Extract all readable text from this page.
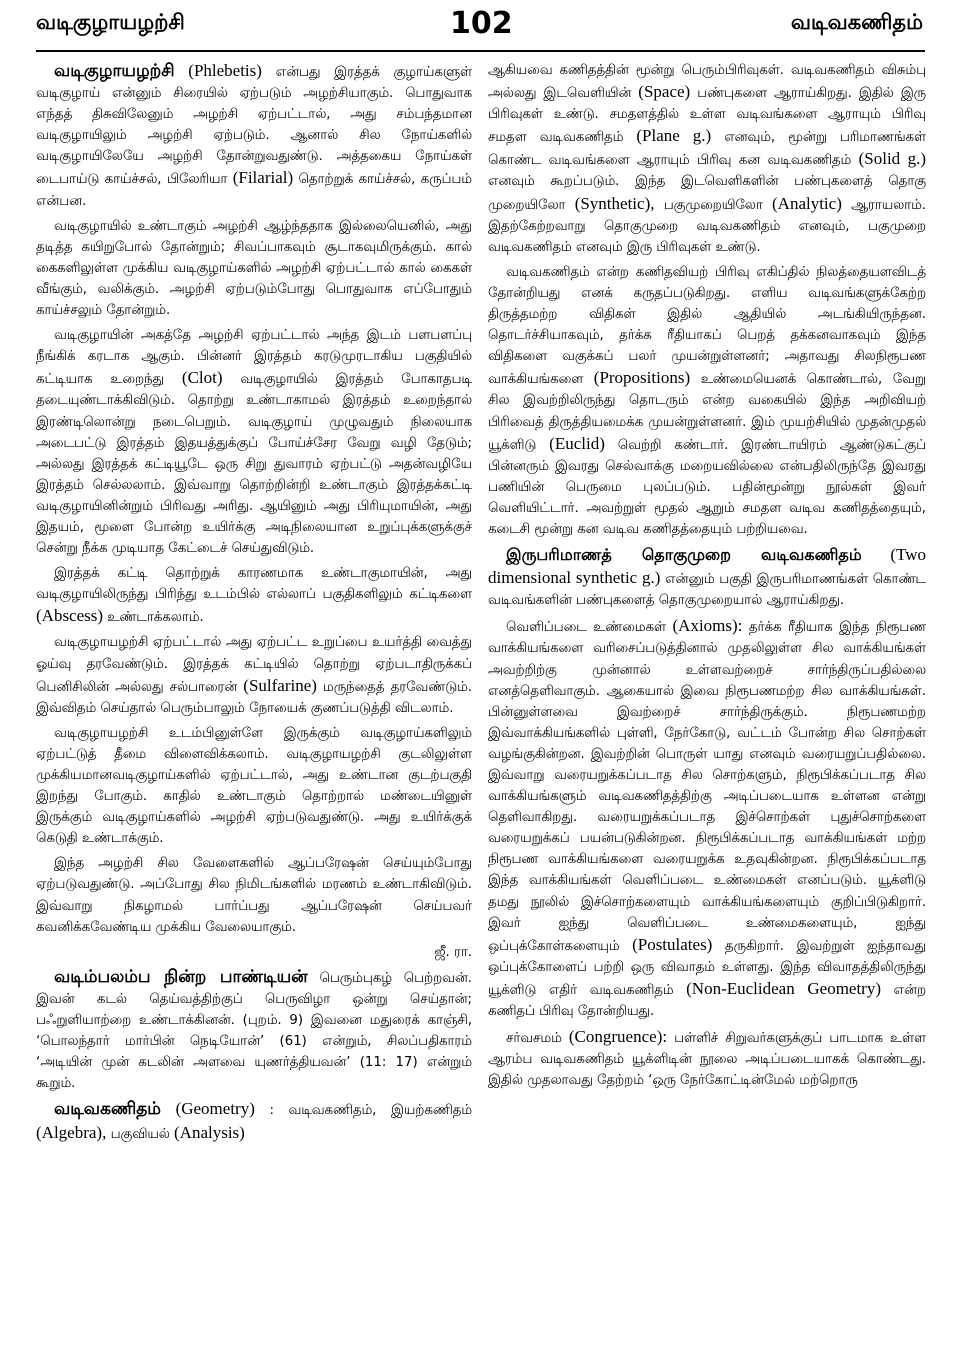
வடிகுழாயழற்சி	102	வடிவகணிதம்

வடிகுழாயழற்சி (Phlebetis) என்பது இரத்தக் குழாய்களுள் வடிகுழாய் என்னும் சிரையில் ஏற்படும் அழற்சியாகும். பொதுவாக எந்தத் திசுவிலேனும் அழற்சி ஏற்பட்டால், அது சம்பந்தமான வடிகுழாயிலும் அழற்சி ஏற்படும். ஆனால் சில நோய்களில் வடிகுழாயிலேயே அழற்சி தோன்றுவதுண்டு. அத்தகைய நோய்கள் டைபாய்டு காய்ச்சல், பிலேரியா (Filarial) தொற்றுக் காய்ச்சல், கருப்பம் என்பன.

வடிகுழாயில் உண்டாகும் அழற்சி ஆழ்ந்ததாக இல்லையெனில், அது தடித்த கயிறுபோல் தோன்றும்; சிவப்பாகவும் சூடாகவுமிருக்கும். கால் கைகளிலுள்ள முக்கிய வடிகுழாய்களில் அழற்சி ஏற்பட்டால் கால் கைகள் வீங்கும், வலிக்கும். அழற்சி ஏற்படும்போது பொதுவாக எப்போதும் காய்ச்சலும் தோன்றும்.

வடிகுழாயின் அகத்தே அழற்சி ஏற்பட்டால் அந்த இடம் பளபளப்பு நீங்கிக் கரடாக ஆகும். பின்னர் இரத்தம் கரடுமுரடாகிய பகுதியில் கட்டியாக உறைந்து (Clot) வடிகுழாயில் இரத்தம் போகாதபடி தடையுண்டாக்கிவிடும். தொற்று உண்டாகாமல் இரத்தம் உறைந்தால் இரண்டிலொன்று நடைபெறும். வடிகுழாய் முழுவதும் நிலையாக அடைபட்டு இரத்தம் இதயத்துக்குப் போய்ச்சேர வேறு வழி தேடும்; அல்லது இரத்தக் கட்டியூடே ஒரு சிறு துவாரம் ஏற்பட்டு அதன்வழியே இரத்தம் செல்லலாம். இவ்வாறு தொற்றின்றி உண்டாகும் இரத்தக்கட்டி வடிகுழாயினின்றும் பிரிவது அரிது. ஆயினும் அது பிரியுமாயின், அது இதயம், மூளை போன்ற உயிர்க்கு அடிநிலையான உறுப்புக்களுக்குச் சென்று நீக்க முடியாத கேட்டைச் செய்துவிடும்.

இரத்தக் கட்டி தொற்றுக் காரணமாக உண்டாகுமாயின், அது வடிகுழாயிலிருந்து பிரிந்து உடம்பில் எல்லாப் பகுதிகளிலும் கட்டிகளை (Abscess) உண்டாக்கலாம்.

வடிகுழாயழற்சி ஏற்பட்டால் அது ஏற்பட்ட உறுப்பை உயர்த்தி வைத்து ஓய்வு தரவேண்டும். இரத்தக் கட்டியில் தொற்று ஏற்படாதிருக்கப் பெனிசிலின் அல்லது சல்பாரைன் (Sulfarine) மருந்தைத் தரவேண்டும். இவ்விதம் செய்தால் பெரும்பாலும் நோயைக் குணப்படுத்தி விடலாம்.

வடிகுழாயழற்சி உடம்பினுள்ளே இருக்கும் வடிகுழாய்களிலும் ஏற்பட்டுத் தீமை விளைவிக்கலாம். வடிகுழாயழற்சி குடலிலுள்ள முக்கியமானவடிகுழாய்களில் ஏற்பட்டால், அது உண்டான குடற்பகுதி இறந்து போகும். காதில் உண்டாகும் தொற்றால் மண்டையினுள் இருக்கும் வடிகுழாய்களில் அழற்சி ஏற்படுவதுண்டு. அது உயிர்க்குக் கெடுதி உண்டாக்கும்.

இந்த அழற்சி சில வேளைகளில் ஆப்பரேஷன் செய்யும்போது ஏற்படுவதுண்டு. அப்போது சில நிமிடங்களில் மரணம் உண்டாகிவிடும். இவ்வாறு நிகழாமல் பார்ப்பது ஆப்பரேஷன் செய்பவர் கவனிக்கவேண்டிய முக்கிய வேலையாகும்.

ஜீ. ரா.

வடிம்பலம்ப நின்ற பாண்டியன் பெரும்புகழ் பெற்றவன். இவன் கடல் தெய்வத்திற்குப் பெருவிழா ஒன்று செய்தான்; பஃறுளியாற்றை உண்டாக்கினன். (புறம். 9) இவனை மதுரைக் காஞ்சி, ‘பொலந்தார் மார்பின் நெடியோன்’ (61) என்றும், சிலப்பதிகாரம் ‘அடியின் முன் கடலின் அளவை யுணர்த்தியவன்’ (11: 17) என்றும் கூறும்.

வடிவகணிதம் (Geometry) : வடிவகணிதம், இயற்கணிதம் (Algebra), பகுவியல் (Analysis)

ஆகியவை கணிதத்தின் மூன்று பெரும்பிரிவுகள். வடிவகணிதம் விசும்பு அல்லது இடவெளியின் (Space) பண்புகளை ஆராய்கிறது. இதில் இரு பிரிவுகள் உண்டு. சமதளத்தில் உள்ள வடிவங்களை ஆராயும் பிரிவு சமதள வடிவகணிதம் (Plane g.) எனவும், மூன்று பரிமாணங்கள் கொண்ட வடிவங்களை ஆராயும் பிரிவு கன வடிவகணிதம் (Solid g.) எனவும் கூறப்படும். இந்த இடவெளிகளின் பண்புகளைத் தொகு முறையிலோ (Synthetic), பகுமுறையிலோ (Analytic) ஆராயலாம். இதற்கேற்றவாறு தொகுமுறை வடிவகணிதம் எனவும், பகுமுறை வடிவகணிதம் எனவும் இரு பிரிவுகள் உண்டு.

வடிவகணிதம் என்ற கணிதவியற் பிரிவு எகிப்தில் நிலத்தையளவிடத் தோன்றியது எனக் கருதப்படுகிறது. எளிய வடிவங்களுக்கேற்ற திருத்தமற்ற விதிகள் இதில் ஆதியில் அடங்கியிருந்தன. தொடர்ச்சியாகவும், தர்க்க ரீதியாகப் பெறத் தக்கனவாகவும் இந்த விதிகளை வகுக்கப் பலர் முயன்றுள்ளனர்; அதாவது சிலநிரூபண வாக்கியங்களை (Propositions) உண்மையெனக் கொண்டால், வேறு சில இவற்றிலிருந்து தொடரும் என்ற வகையில் இந்த அறிவியற் பிரிவைத் திருத்தியமைக்க முயன்றுள்ளனர். இம் முயற்சியில் முதன்முதல் யூக்ளிடு (Euclid) வெற்றி கண்டார். இரண்டாயிரம் ஆண்டுகட்குப் பின்னரும் இவரது செல்வாக்கு மறையவில்லை என்பதிலிருந்தே இவரது பணியின் பெருமை புலப்படும். பதின்மூன்று நூல்கள் இவர் வெளியிட்டார். அவற்றுள் மூதல் ஆறும் சமதள வடிவ கணிதத்தையும், கடைசி மூன்று கன வடிவ கணிதத்தையும் பற்றியவை.

இருபரிமாணத் தொகுமுறை வடிவகணிதம் (Two dimensional synthetic g.) என்னும் பகுதி இருபரிமாணங்கள் கொண்ட வடிவங்களின் பண்புகளைத் தொகுமுறையால் ஆராய்கிறது.

வெளிப்படை உண்மைகள் (Axioms): தர்க்க ரீதியாக இந்த நிரூபண வாக்கியங்களை வரிசைப்படுத்தினால் முதலிலுள்ள சில வாக்கியங்கள் அவற்றிற்கு முன்னால் உள்ளவற்றைச் சார்ந்திருப்பதில்லை எனத்தெளிவாகும். ஆகையால் இவை நிரூபணமற்ற சில வாக்கியங்கள். பின்னுள்ளவை இவற்றைச் சார்ந்திருக்கும். நிரூபணமற்ற இவ்வாக்கியங்களில் புள்ளி, நேர்கோடு, வட்டம் போன்ற சில சொற்கள் வழங்குகின்றன. இவற்றின் பொருள் யாது எனவும் வரையறுப்பதில்லை. இவ்வாறு வரையறுக்கப்படாத சில சொற்களும், நிரூபிக்கப்படாத சில வாக்கியங்களும் வடிவகணிதத்திற்கு அடிப்படையாக உள்ளன என்று தெளிவாகிறது. வரையறுக்கப்படாத இச்சொற்கள் புதுச்சொற்களை வரையறுக்கப் பயன்படுகின்றன. நிரூபிக்கப்படாத வாக்கியங்கள் மற்ற நிரூபண வாக்கியங்களை வரையறுக்க உதவுகின்றன. நிரூபிக்கப்படாத இந்த வாக்கியங்கள் வெளிப்படை உண்மைகள் எனப்படும். யூக்ளிடு தமது நூலில் இச்சொற்களையும் வாக்கியங்களையும் குறிப்பிடுகிறார். இவர் ஐந்து வெளிப்படை உண்மைகளையும், ஐந்து ஒப்புக்கோள்களையும் (Postulates) தருகிறார். இவற்றுள் ஐந்தாவது ஒப்புக்கோளைப் பற்றி ஒரு விவாதம் உள்ளது. இந்த விவாதத்திலிருந்து யூக்ளிடு எதிர் வடிவகணிதம் (Non-Euclidean Geometry) என்ற கணிதப் பிரிவு தோன்றியது.

சர்வசமம் (Congruence): பள்ளிச் சிறுவர்களுக்குப் பாடமாக உள்ள ஆரம்ப வடிவகணிதம் யூக்ளிடின் நூலை அடிப்படையாகக் கொண்டது. இதில் முதலாவது தேற்றம் ‘ஒரு நேர்கோட்டின்மேல் மற்றொரு
